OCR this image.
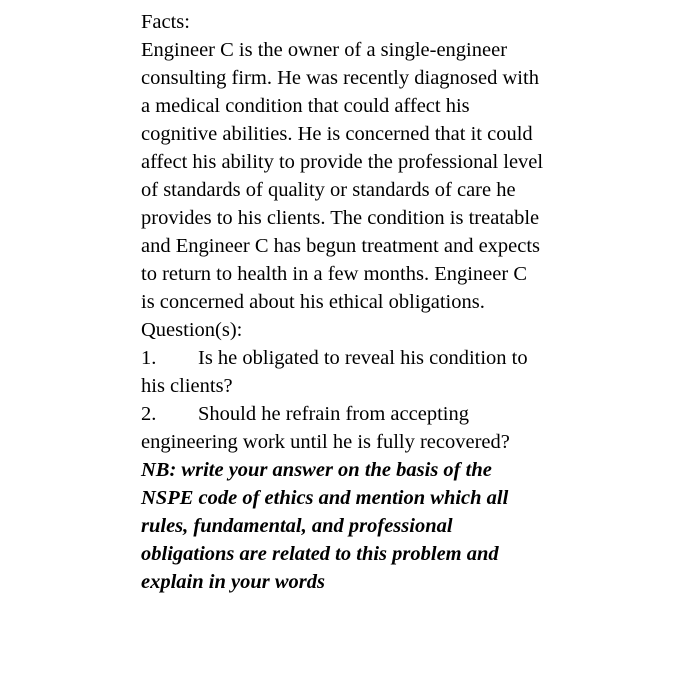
Facts:
Engineer C is the owner of a single-engineer
consulting firm. He was recently diagnosed with
a medical condition that could affect his
cognitive abilities. He is concerned that it could
affect his ability to provide the professional level
of standards of quality or standards of care he
provides to his clients. The condition is treatable
and Engineer C has begun treatment and expects
to return to health in a few months. Engineer C
is concerned about his ethical obligations.
Question(s):
1. Is he obligated to reveal his condition to
his clients?
2. Should he refrain from accepting
engineering work until he is fully recovered?
NB: write your answer on the basis of the
NSPE code of ethics and mention which all
rules, fundamental, and professional
obligations are related to this problem and
explain in your words
